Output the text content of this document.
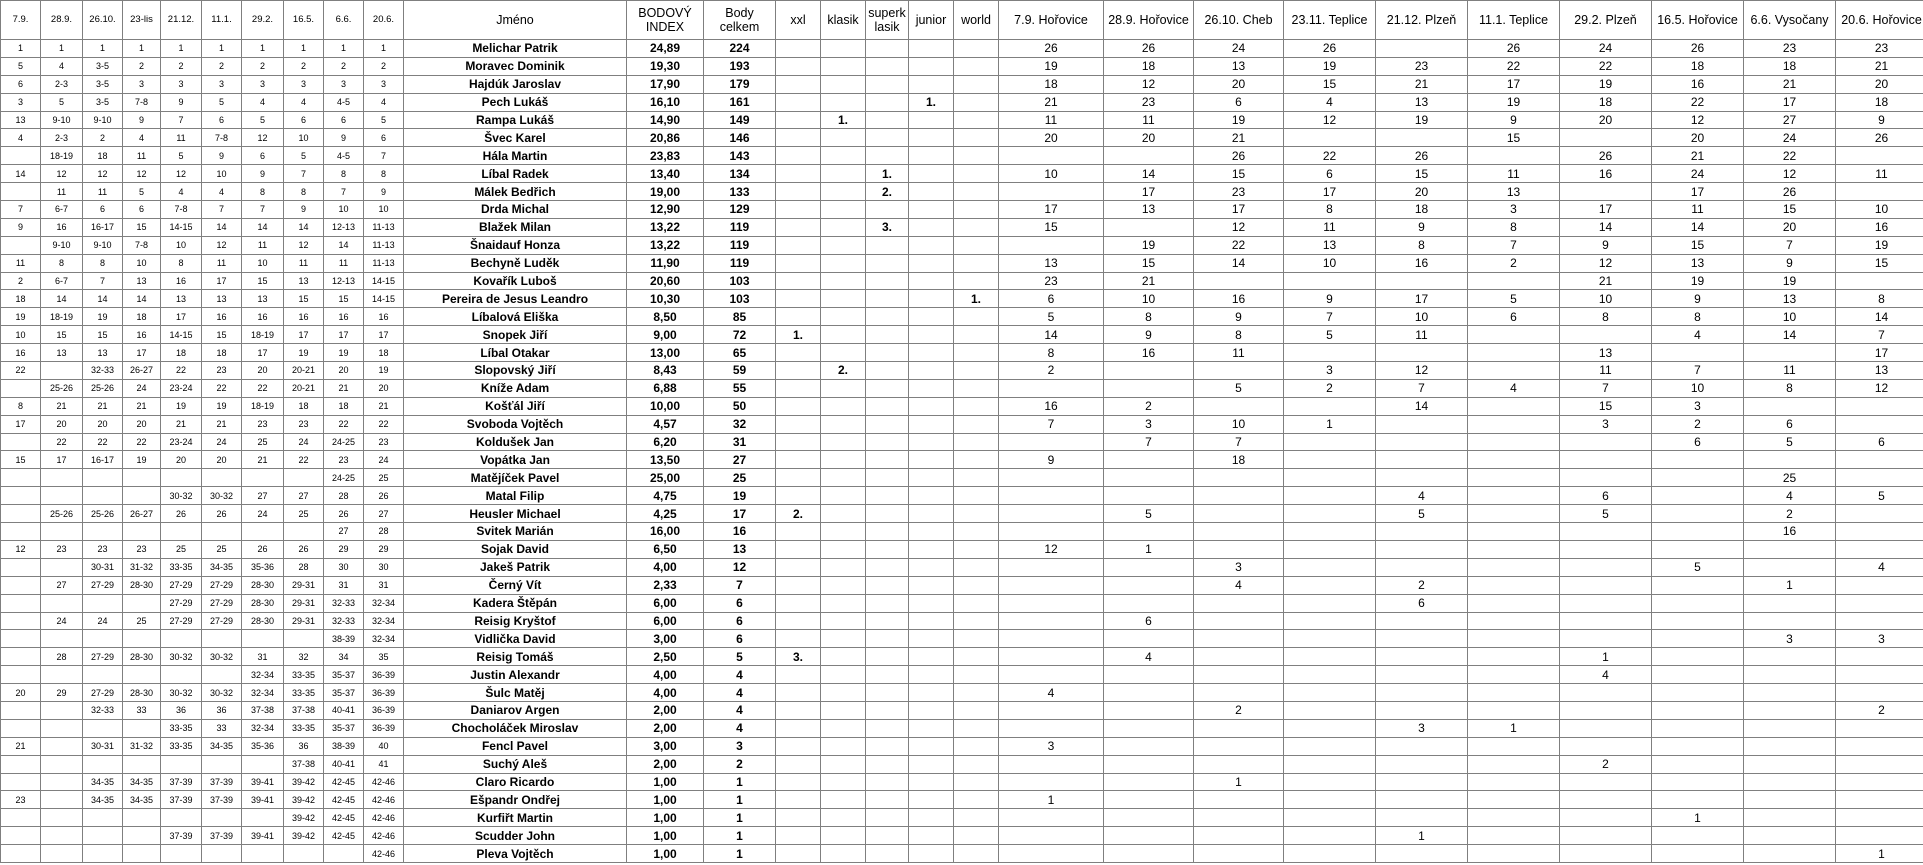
7.9.	28.9.	26.10.	23-lis	21.12.	11.1.	29.2.	16.5.	6.6.	20.6.	Jméno	BODOVÝ INDEX	Body celkem	xxl	klasik	superk lasik	junior	world	7.9. Hořovice	28.9. Hořovice	26.10. Cheb	23.11. Teplice	21.12. Plzeň	11.1. Teplice	29.2. Plzeň	16.5. Hořovice	6.6. Vysočany	20.6. Hořovice
1	1	1	1	1	1	1	1	1	1	Melichar Patrik	24,89	224						26	26	24	26		26	24	26	23	23
5	4	3-5	2	2	2	2	2	2	2	Moravec Dominik	19,30	193						19	18	13	19	23	22	22	18	18	21
6	2-3	3-5	3	3	3	3	3	3	3	Hajdúk Jaroslav	17,90	179						18	12	20	15	21	17	19	16	21	20
3	5	3-5	7-8	9	5	4	4	4-5	4	Pech Lukáš	16,10	161				1.		21	23	6	4	13	19	18	22	17	18
13	9-10	9-10	9	7	6	5	6	6	5	Rampa Lukáš	14,90	149		1.				11	11	19	12	19	9	20	12	27	9
4	2-3	2	4	11	7-8	12	10	9	6	Švec Karel	20,86	146						20	20	21			15		20	24	26
	18-19	18	11	5	9	6	5	4-5	7	Hála Martin	23,83	143								26	22	26		26	21	22	
14	12	12	12	12	10	9	7	8	8	Líbal Radek	13,40	134			1.			10	14	15	6	15	11	16	24	12	11
	11	11	5	4	4	8	8	7	9	Málek Bedřich	19,00	133			2.				17	23	17	20	13		17	26	
7	6-7	6	6	7-8	7	7	9	10	10	Drda Michal	12,90	129						17	13	17	8	18	3	17	11	15	10
9	16	16-17	15	14-15	14	14	14	12-13	11-13	Blažek Milan	13,22	119			3.			15		12	11	9	8	14	14	20	16
	9-10	9-10	7-8	10	12	11	12	14	11-13	Šnaidauf Honza	13,22	119							19	22	13	8	7	9	15	7	19
11	8	8	10	8	11	10	11	11	11-13	Bechyně Luděk	11,90	119						13	15	14	10	16	2	12	13	9	15
2	6-7	7	13	16	17	15	13	12-13	14-15	Kovařík Luboš	20,60	103						23	21					21	19	19	
18	14	14	14	13	13	13	15	15	14-15	Pereira de Jesus Leandro	10,30	103					1.	6	10	16	9	17	5	10	9	13	8
19	18-19	19	18	17	16	16	16	16	16	Líbalová Eliška	8,50	85						5	8	9	7	10	6	8	8	10	14
10	15	15	16	14-15	15	18-19	17	17	17	Snopek Jiří	9,00	72	1.					14	9	8	5	11			4	14	7
16	13	13	17	18	18	17	19	19	18	Líbal Otakar	13,00	65						8	16	11				13			17
22		32-33	26-27	22	23	20	20-21	20	19	Slopovský Jiří	8,43	59		2.				2			3	12		11	7	11	13
	25-26	25-26	24	23-24	22	22	20-21	21	20	Kníže Adam	6,88	55								5	2	7	4	7	10	8	12
8	21	21	21	19	19	18-19	18	18	21	Košťál Jiří	10,00	50						16	2			14		15	3		
17	20	20	20	21	21	23	23	22	22	Svoboda Vojtěch	4,57	32						7	3	10	1			3	2	6	
	22	22	22	23-24	24	25	24	24-25	23	Koldušek Jan	6,20	31							7	7					6	5	6
15	17	16-17	19	20	20	21	22	23	24	Vopátka Jan	13,50	27						9		18							
								24-25	25	Matějíček Pavel	25,00	25														25	
				30-32	30-32	27	27	28	26	Matal Filip	4,75	19										4		6		4	5
	25-26	25-26	26-27	26	26	24	25	26	27	Heusler Michael	4,25	17	2.						5			5		5		2	
								27	28	Svitek Marián	16,00	16														16	
12	23	23	23	25	25	26	26	29	29	Sojak David	6,50	13						12	1								
		30-31	31-32	33-35	34-35	35-36	28	30	30	Jakeš Patrik	4,00	12								3					5		4
	27	27-29	28-30	27-29	27-29	28-30	29-31	31	31	Černý Vít	2,33	7								4		2				1	
				27-29	27-29	28-30	29-31	32-33	32-34	Kadera Štěpán	6,00	6										6					
	24	24	25	27-29	27-29	28-30	29-31	32-33	32-34	Reisig Kryštof	6,00	6							6								
								38-39	32-34	Vidlička David	3,00	6														3	3
	28	27-29	28-30	30-32	30-32	31	32	34	35	Reisig Tomáš	2,50	5	3.						4					1			
						32-34	33-35	35-37	36-39	Justin Alexandr	4,00	4												4			
20	29	27-29	28-30	30-32	30-32	32-34	33-35	35-37	36-39	Šulc Matěj	4,00	4						4									
		32-33	33	36	36	37-38	37-38	40-41	36-39	Daniarov Argen	2,00	4								2							2
				33-35	33	32-34	33-35	35-37	36-39	Chocholáček Miroslav	2,00	4										3	1				
21		30-31	31-32	33-35	34-35	35-36	36	38-39	40	Fencl Pavel	3,00	3						3									
							37-38	40-41	41	Suchý Aleš	2,00	2												2			
		34-35	34-35	37-39	37-39	39-41	39-42	42-45	42-46	Claro Ricardo	1,00	1								1							
23		34-35	34-35	37-39	37-39	39-41	39-42	42-45	42-46	Ešpandr Ondřej	1,00	1						1									
							39-42	42-45	42-46	Kurfiřt Martin	1,00	1													1		
				37-39	37-39	39-41	39-42	42-45	42-46	Scudder John	1,00	1										1					
									42-46	Pleva Vojtěch	1,00	1															1
